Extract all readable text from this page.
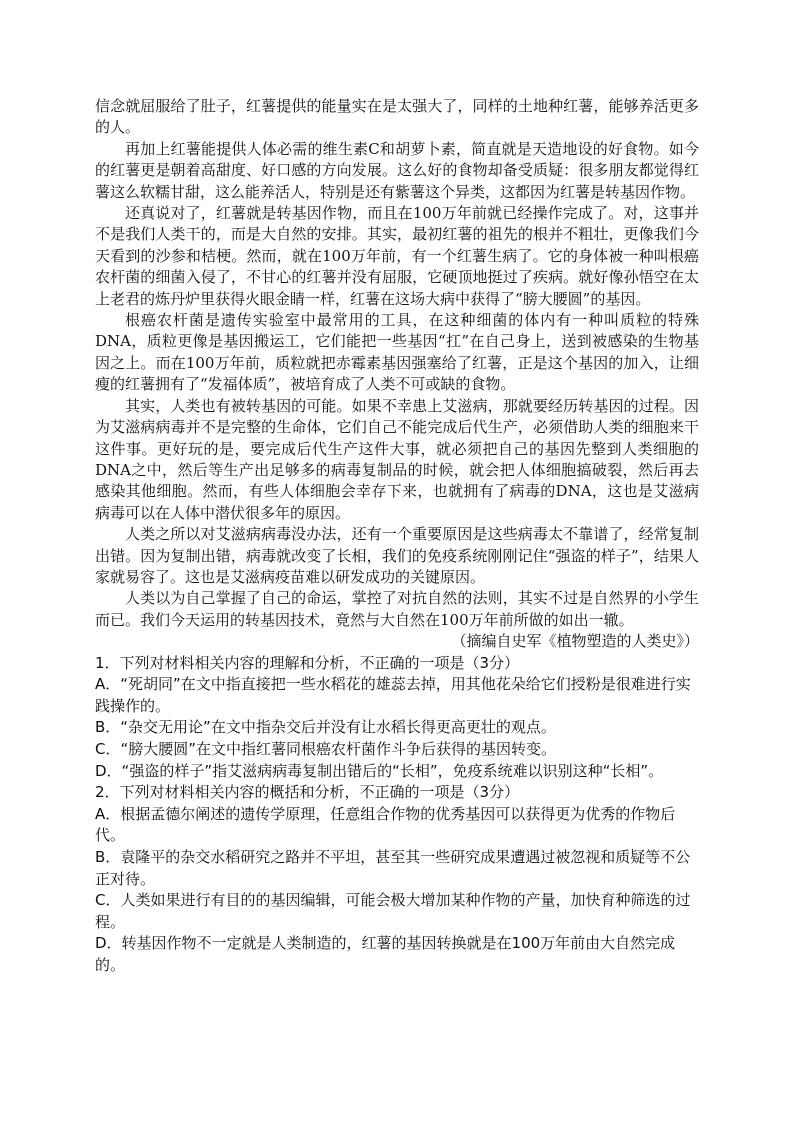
信念就屈服给了肚子，红薯提供的能量实在是太强大了，同样的土地种红薯，能够养活更多的人。

再加上红薯能提供人体必需的维生素C和胡萝卜素，简直就是天造地设的好食物。如今的红薯更是朝着高甜度、好口感的方向发展。这么好的食物却备受质疑：很多朋友都觉得红薯这么软糯甘甜，这么能养活人，特别是还有紫薯这个异类，这都因为红薯是转基因作物。

还真说对了，红薯就是转基因作物，而且在100万年前就已经操作完成了。对，这事并不是我们人类干的，而是大自然的安排。其实，最初红薯的祖先的根并不粗壮，更像我们今天看到的沙参和桔梗。然而，就在100万年前，有一个红薯生病了。它的身体被一种叫根癌农杆菌的细菌入侵了，不甘心的红薯并没有屈服，它硬顶地挺过了疾病。就好像孙悟空在太上老君的炼丹炉里获得火眼金睛一样，红薯在这场大病中获得了“膀大腰圆”的基因。

根癌农杆菌是遗传实验室中最常用的工具，在这种细菌的体内有一种叫质粒的特殊DNA，质粒更像是基因搬运工，它们能把一些基因“扛”在自己身上，送到被感染的生物基因之上。而在100万年前，质粒就把赤霉素基因强塞给了红薯，正是这个基因的加入，让细瘦的红薯拥有了“发福体质”，被培育成了人类不可或缺的食物。

其实，人类也有被转基因的可能。如果不幸患上艾滋病，那就要经历转基因的过程。因为艾滋病病毒并不是完整的生命体，它们自己不能完成后代生产，必须借助人类的细胞来干这件事。更好玩的是，要完成后代生产这件大事，就必须把自己的基因先整到人类细胞的DNA之中，然后等生产出足够多的病毒复制品的时候，就会把人体细胞搞破裂，然后再去感染其他细胞。然而，有些人体细胞会幸存下来，也就拥有了病毒的DNA，这也是艾滋病病毒可以在人体中潜伏很多年的原因。

人类之所以对艾滋病病毒没办法，还有一个重要原因是这些病毒太不靠谱了，经常复制出错。因为复制出错，病毒就改变了长相，我们的免疫系统刚刚记住“强盗的样子”，结果人家就易容了。这也是艾滋病疫苗难以研发成功的关键原因。

人类以为自己掌握了自己的命运，掌控了对抗自然的法则，其实不过是自然界的小学生而已。我们今天运用的转基因技术，竟然与大自然在100万年前所做的如出一辙。

（摘编自史军《植物塑造的人类史》）

1．下列对材料相关内容的理解和分析，不正确的一项是（3分）

A．“死胡同”在文中指直接把一些水稻花的雄蕊去掉，用其他花朵给它们授粉是很难进行实践操作的。

B．“杂交无用论”在文中指杂交后并没有让水稻长得更高更壮的观点。

C．“膀大腰圆”在文中指红薯同根癌农杆菌作斗争后获得的基因转变。

D．“强盗的样子”指艾滋病病毒复制出错后的“长相”，免疫系统难以识别这种“长相”。

2．下列对材料相关内容的概括和分析，不正确的一项是（3分）

A．根据孟德尔阐述的遗传学原理，任意组合作物的优秀基因可以获得更为优秀的作物后代。

B．袁隆平的杂交水稻研究之路并不平坦，甚至其一些研究成果遭遇过被忽视和质疑等不公正对待。

C．人类如果进行有目的的基因编辑，可能会极大增加某种作物的产量，加快育种筛选的过程。

D．转基因作物不一定就是人类制造的，红薯的基因转换就是在100万年前由大自然完成的。
